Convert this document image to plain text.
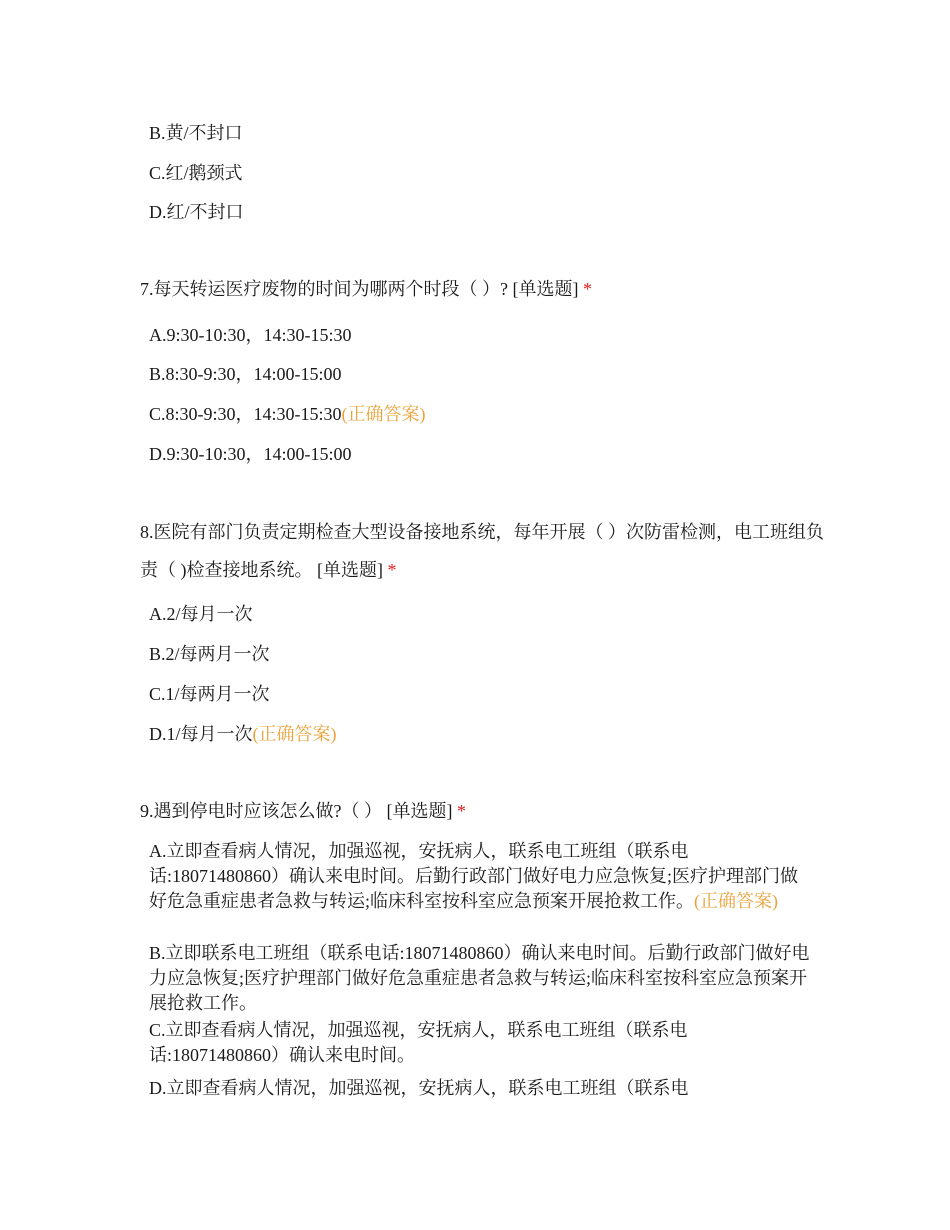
B.黄/不封口
C.红/鹅颈式
D.红/不封口
7.每天转运医疗废物的时间为哪两个时段（ ）? [单选题] *
A.9:30-10:30，14:30-15:30
B.8:30-9:30，14:00-15:00
C.8:30-9:30，14:30-15:30(正确答案)
D.9:30-10:30，14:00-15:00
8.医院有部门负责定期检查大型设备接地系统，每年开展（ ）次防雷检测，电工班组负责（ )检查接地系统。 [单选题] *
A.2/每月一次
B.2/每两月一次
C.1/每两月一次
D.1/每月一次(正确答案)
9.遇到停电时应该怎么做?（ ） [单选题] *
A.立即查看病人情况，加强巡视，安抚病人，联系电工班组（联系电话:18071480860）确认来电时间。后勤行政部门做好电力应急恢复;医疗护理部门做好危急重症患者急救与转运;临床科室按科室应急预案开展抢救工作。(正确答案)
B.立即联系电工班组（联系电话:18071480860）确认来电时间。后勤行政部门做好电力应急恢复;医疗护理部门做好危急重症患者急救与转运;临床科室按科室应急预案开展抢救工作。
C.立即查看病人情况，加强巡视，安抚病人，联系电工班组（联系电话:18071480860）确认来电时间。
D.立即查看病人情况，加强巡视，安抚病人，联系电工班组（联系电
